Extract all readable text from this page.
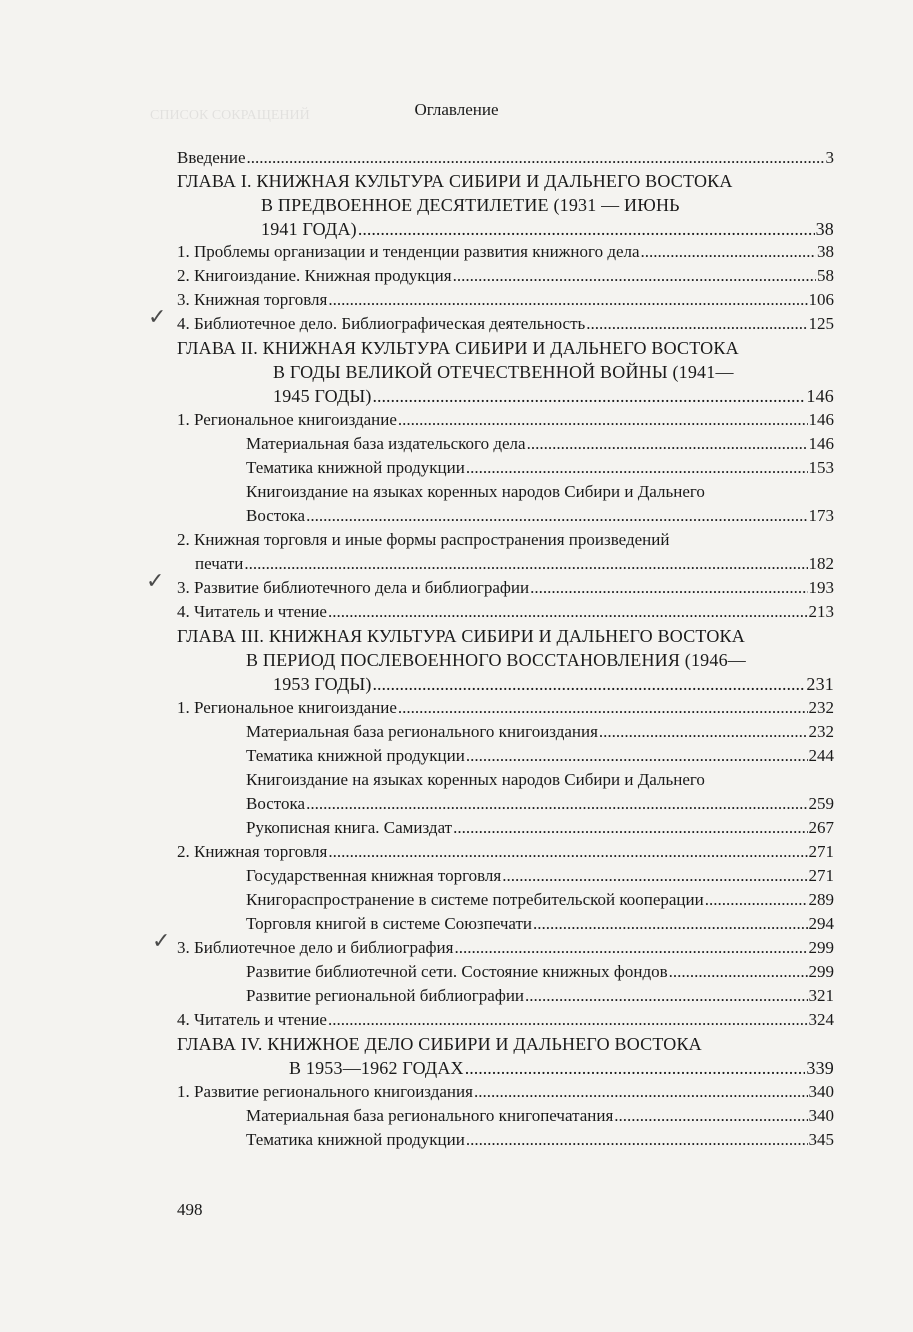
СПИСОК СОКРАЩЕНИЙ	Оглавление
Введение .....	3
ГЛАВА I. КНИЖНАЯ КУЛЬТУРА СИБИРИ И ДАЛЬНЕГО ВОСТОКА
В ПРЕДВОЕННОЕ ДЕСЯТИЛЕТИЕ (1931 — ИЮНЬ
1941 ГОДА) .....	38
1. Проблемы организации и тенденции развития книжного дела .....	38
2. Книгоиздание. Книжная продукция .....	58
3. Книжная торговля .....	106
4. Библиотечное дело. Библиографическая деятельность .....	125
ГЛАВА II. КНИЖНАЯ КУЛЬТУРА СИБИРИ И ДАЛЬНЕГО ВОСТОКА
В ГОДЫ ВЕЛИКОЙ ОТЕЧЕСТВЕННОЙ ВОЙНЫ (1941—
1945 ГОДЫ) .....	146
1. Региональное книгоиздание .....	146
Материальная база издательского дела .....	146
Тематика книжной продукции .....	153
Книгоиздание на языках коренных народов Сибири и Дальнего
Востока .....	173
2. Книжная торговля и иные формы распространения произведений
печати .....	182
3. Развитие библиотечного дела и библиографии .....	193
4. Читатель и чтение .....	213
ГЛАВА III. КНИЖНАЯ КУЛЬТУРА СИБИРИ И ДАЛЬНЕГО ВОСТОКА
В ПЕРИОД ПОСЛЕВОЕННОГО ВОССТАНОВЛЕНИЯ (1946—
1953 ГОДЫ) .....	231
1. Региональное книгоиздание .....	232
Материальная база регионального книгоиздания .....	232
Тематика книжной продукции .....	244
Книгоиздание на языках коренных народов Сибири и Дальнего
Востока .....	259
Рукописная книга. Самиздат .....	267
2. Книжная торговля .....	271
Государственная книжная торговля .....	271
Книгораспространение в системе потребительской кооперации .....	289
Торговля книгой в системе Союзпечати .....	294
3. Библиотечное дело и библиография .....	299
Развитие библиотечной сети. Состояние книжных фондов .....	299
Развитие региональной библиографии .....	321
4. Читатель и чтение .....	324
ГЛАВА IV. КНИЖНОЕ ДЕЛО СИБИРИ И ДАЛЬНЕГО ВОСТОКА
В 1953—1962 ГОДАХ .....	339
1. Развитие регионального книгоиздания .....	340
Материальная база регионального книгопечатания .....	340
Тематика книжной продукции .....	345
✓
✓
✓
498
